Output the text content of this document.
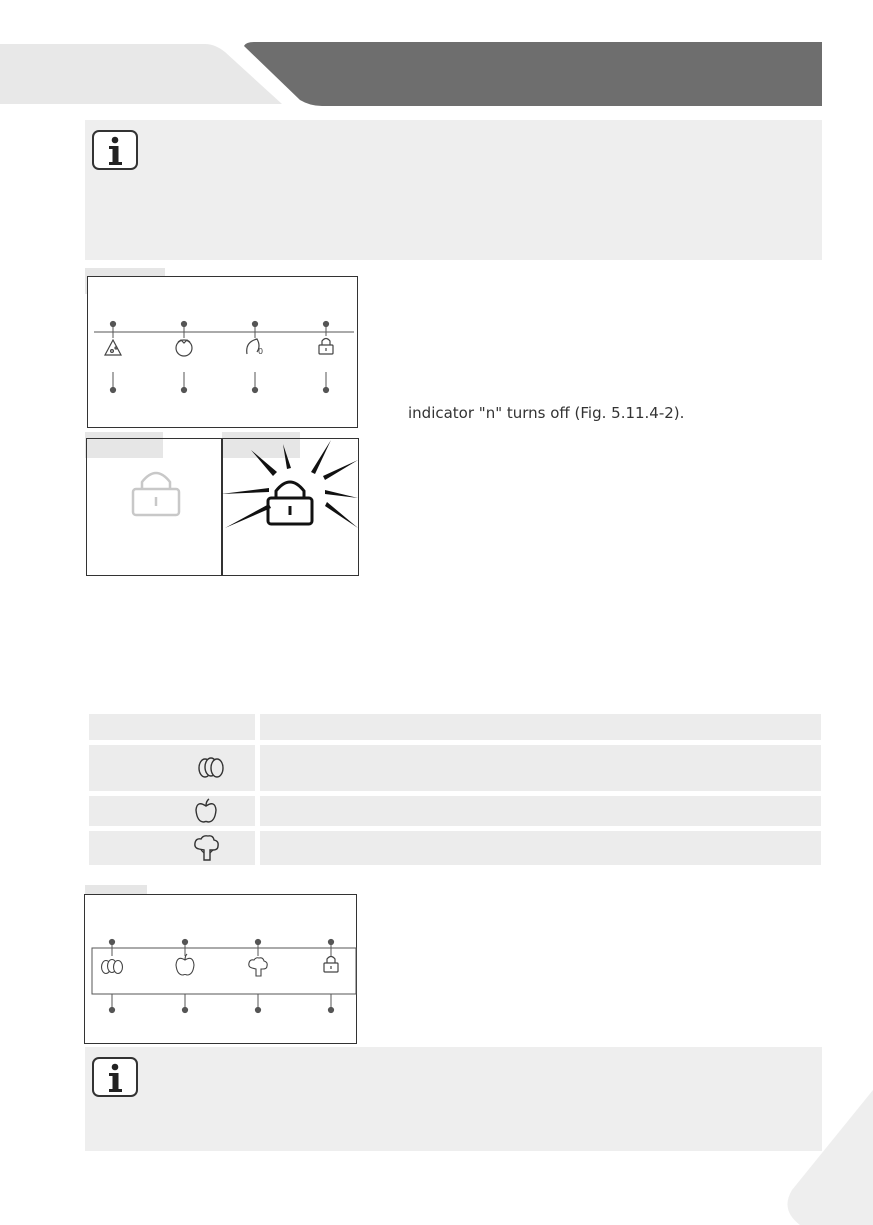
0
indicator "n" turns off (Fig. 5.11.4-2).
